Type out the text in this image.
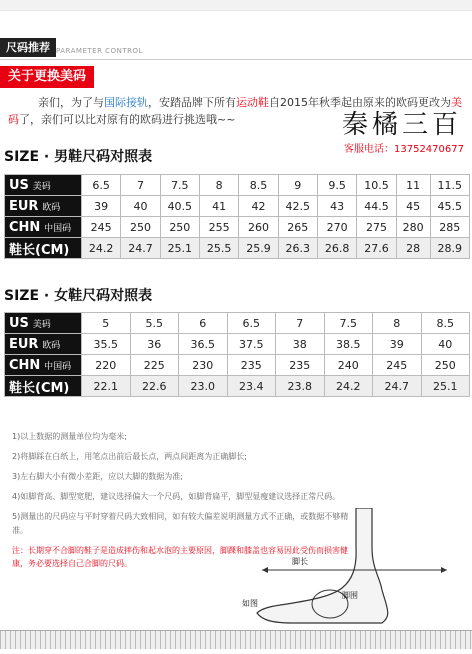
尺码推荐 PARAMETER CONTROL
关于更换美码
亲们，为了与国际接轨，安踏品牌下所有运动鞋自2015年秋季起由原来的欧码更改为美码了，亲们可以比对原有的欧码进行挑选哦~~	秦橘三百
客服电话：13752470677
SIZE · 男鞋尺码对照表
US 美码	6.5	7	7.5	8	8.5	9	9.5	10.5	11	11.5
EUR 欧码	39	40	40.5	41	42	42.5	43	44.5	45	45.5
CHN 中国码	245	250	250	255	260	265	270	275	280	285
鞋长(CM)	24.2	24.7	25.1	25.5	25.9	26.3	26.8	27.6	28	28.9
SIZE · 女鞋尺码对照表
US 美码	5	5.5	6	6.5	7	7.5	8	8.5
EUR 欧码	35.5	36	36.5	37.5	38	38.5	39	40
CHN 中国码	220	225	230	235	235	240	245	250
鞋长(CM)	22.1	22.6	23.0	23.4	23.8	24.2	24.7	25.1
1)以上数据的测量单位均为毫米;
2)将脚踩在白纸上，用笔点出前后最长点，两点间距离为正确脚长;
3)左右脚大小有微小差距，应以大脚的数据为准;
4)如脚背高、脚型宽肥，建议选择偏大一个尺码，如脚背扁平，脚型显瘦建议选择正常尺码。
5)测量出的尺码应与平时穿着尺码大致相同，如有较大偏差说明测量方式不正确，或数据不够精准。
注：长期穿不合脚的鞋子是造成摔伤和起水泡的主要原因，脚踝和膝盖也容易因此受伤而损害健康，务必要选择自己合脚的尺码。	脚长
脚围
如图
